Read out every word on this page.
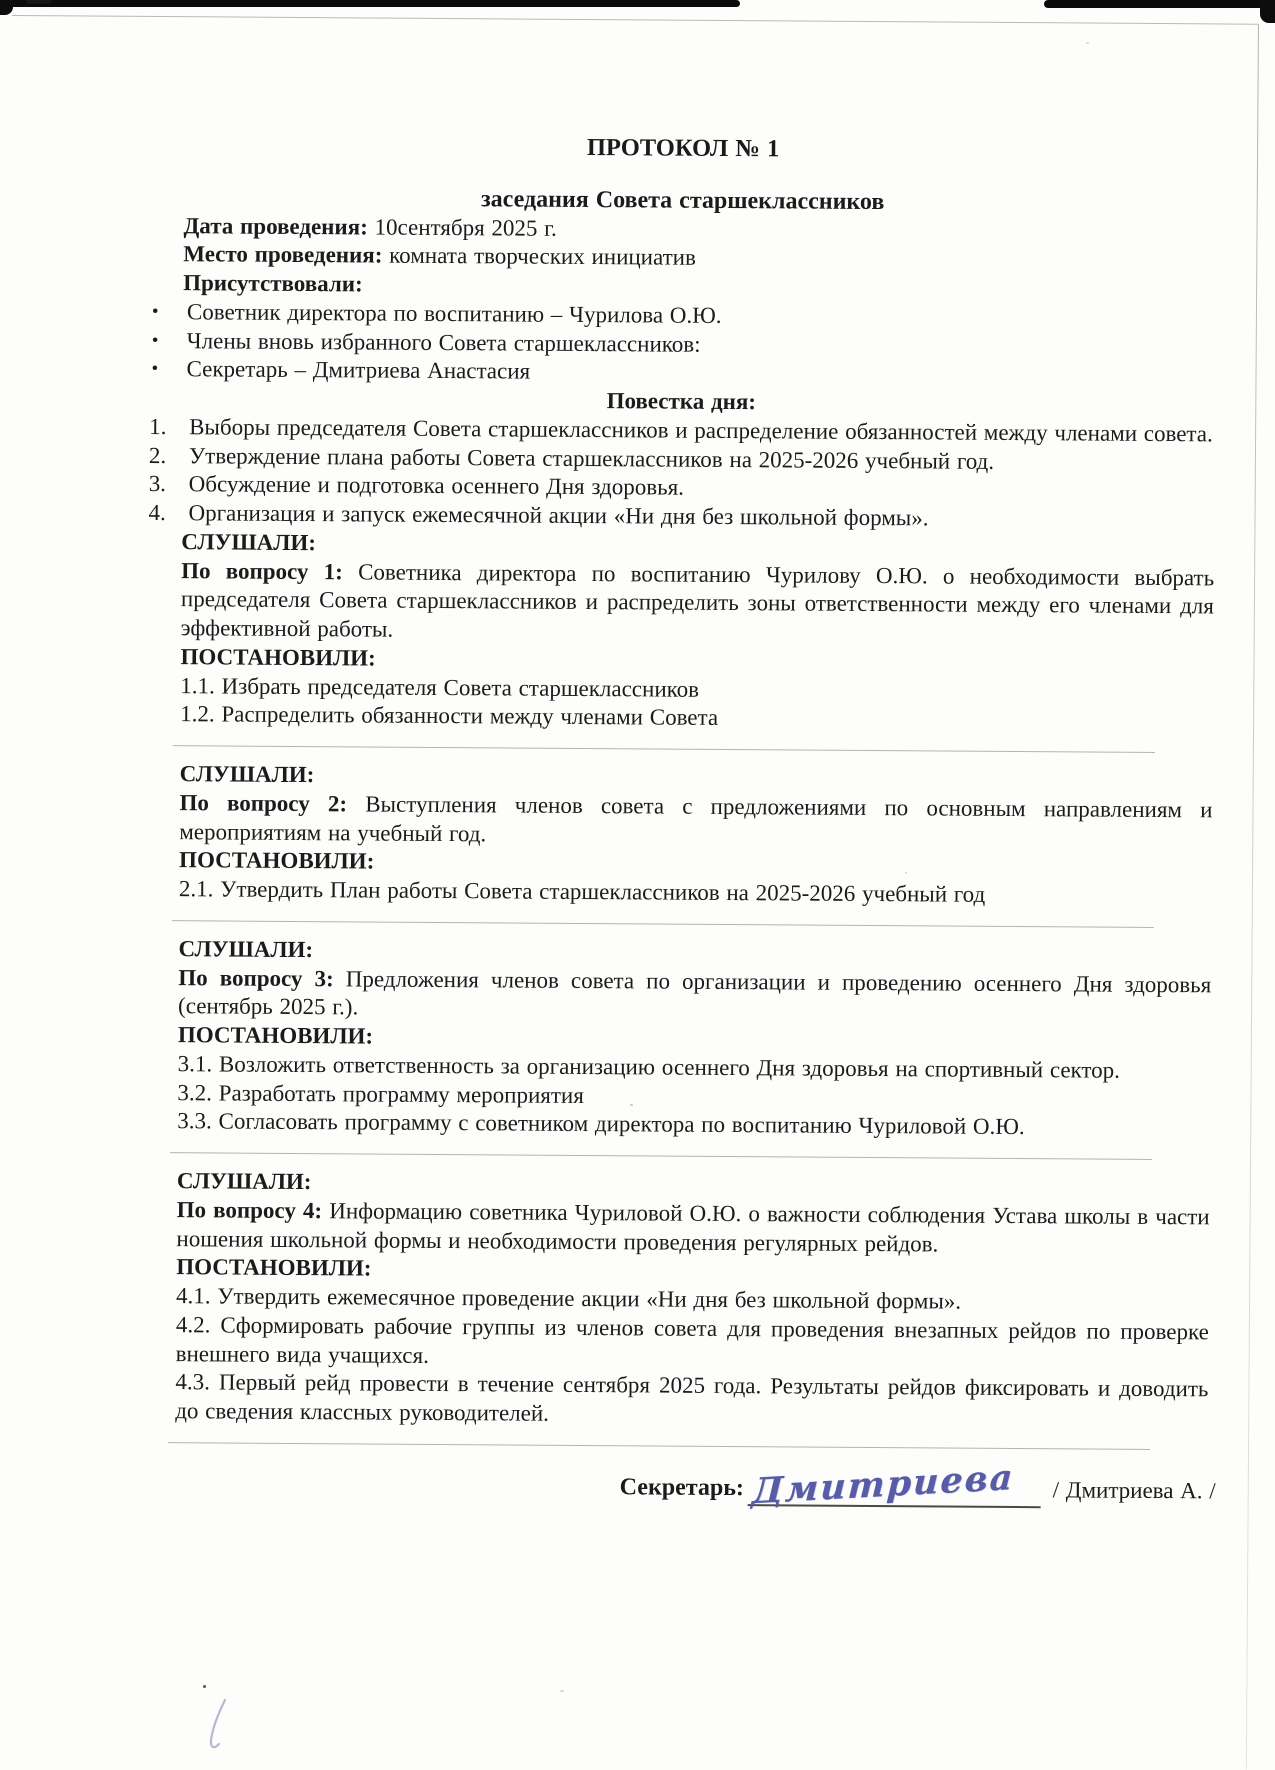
ПРОТОКОЛ № 1
заседания Совета старшеклассников

Дата проведения: 10сентября 2025 г.

Место проведения: комната творческих инициатив

Присутствовали:

•	Советник директора по воспитанию – Чурилова О.Ю.
•	Члены вновь избранного Совета старшеклассников:
•	Секретарь – Дмитриева Анастасия

Повестка дня:

1. Выборы председателя Совета старшеклассников и распределение обязанностей между членами совета.
2. Утверждение плана работы Совета старшеклассников на 2025-2026 учебный год.
3. Обсуждение и подготовка осеннего Дня здоровья.
4. Организация и запуск ежемесячной акции «Ни дня без школьной формы».

СЛУШАЛИ:

По вопросу 1: Советника директора по воспитанию Чурилову О.Ю. о необходимости выбрать председателя Совета старшеклассников и распределить зоны ответственности между его членами для эффективной работы.

ПОСТАНОВИЛИ:

1.1. Избрать председателя Совета старшеклассников

1.2. Распределить обязанности между членами Совета

СЛУШАЛИ:

По вопросу 2: Выступления членов совета с предложениями по основным направлениям и мероприятиям на учебный год.

ПОСТАНОВИЛИ:

2.1. Утвердить План работы Совета старшеклассников на 2025-2026 учебный год

СЛУШАЛИ:

По вопросу 3: Предложения членов совета по организации и проведению осеннего Дня здоровья (сентябрь 2025 г.).

ПОСТАНОВИЛИ:

3.1. Возложить ответственность за организацию осеннего Дня здоровья на спортивный сектор.

3.2. Разработать программу мероприятия

3.3. Согласовать программу с советником директора по воспитанию Чуриловой О.Ю.

СЛУШАЛИ:

По вопросу 4: Информацию советника Чуриловой О.Ю. о важности соблюдения Устава школы в части ношения школьной формы и необходимости проведения регулярных рейдов.

ПОСТАНОВИЛИ:

4.1. Утвердить ежемесячное проведение акции «Ни дня без школьной формы».

4.2. Сформировать рабочие группы из членов совета для проведения внезапных рейдов по проверке внешнего вида учащихся.

4.3. Первый рейд провести в течение сентября 2025 года. Результаты рейдов фиксировать и доводить до сведения классных руководителей.

Секретарь: Дмитриева	/ Дмитриева А. /
